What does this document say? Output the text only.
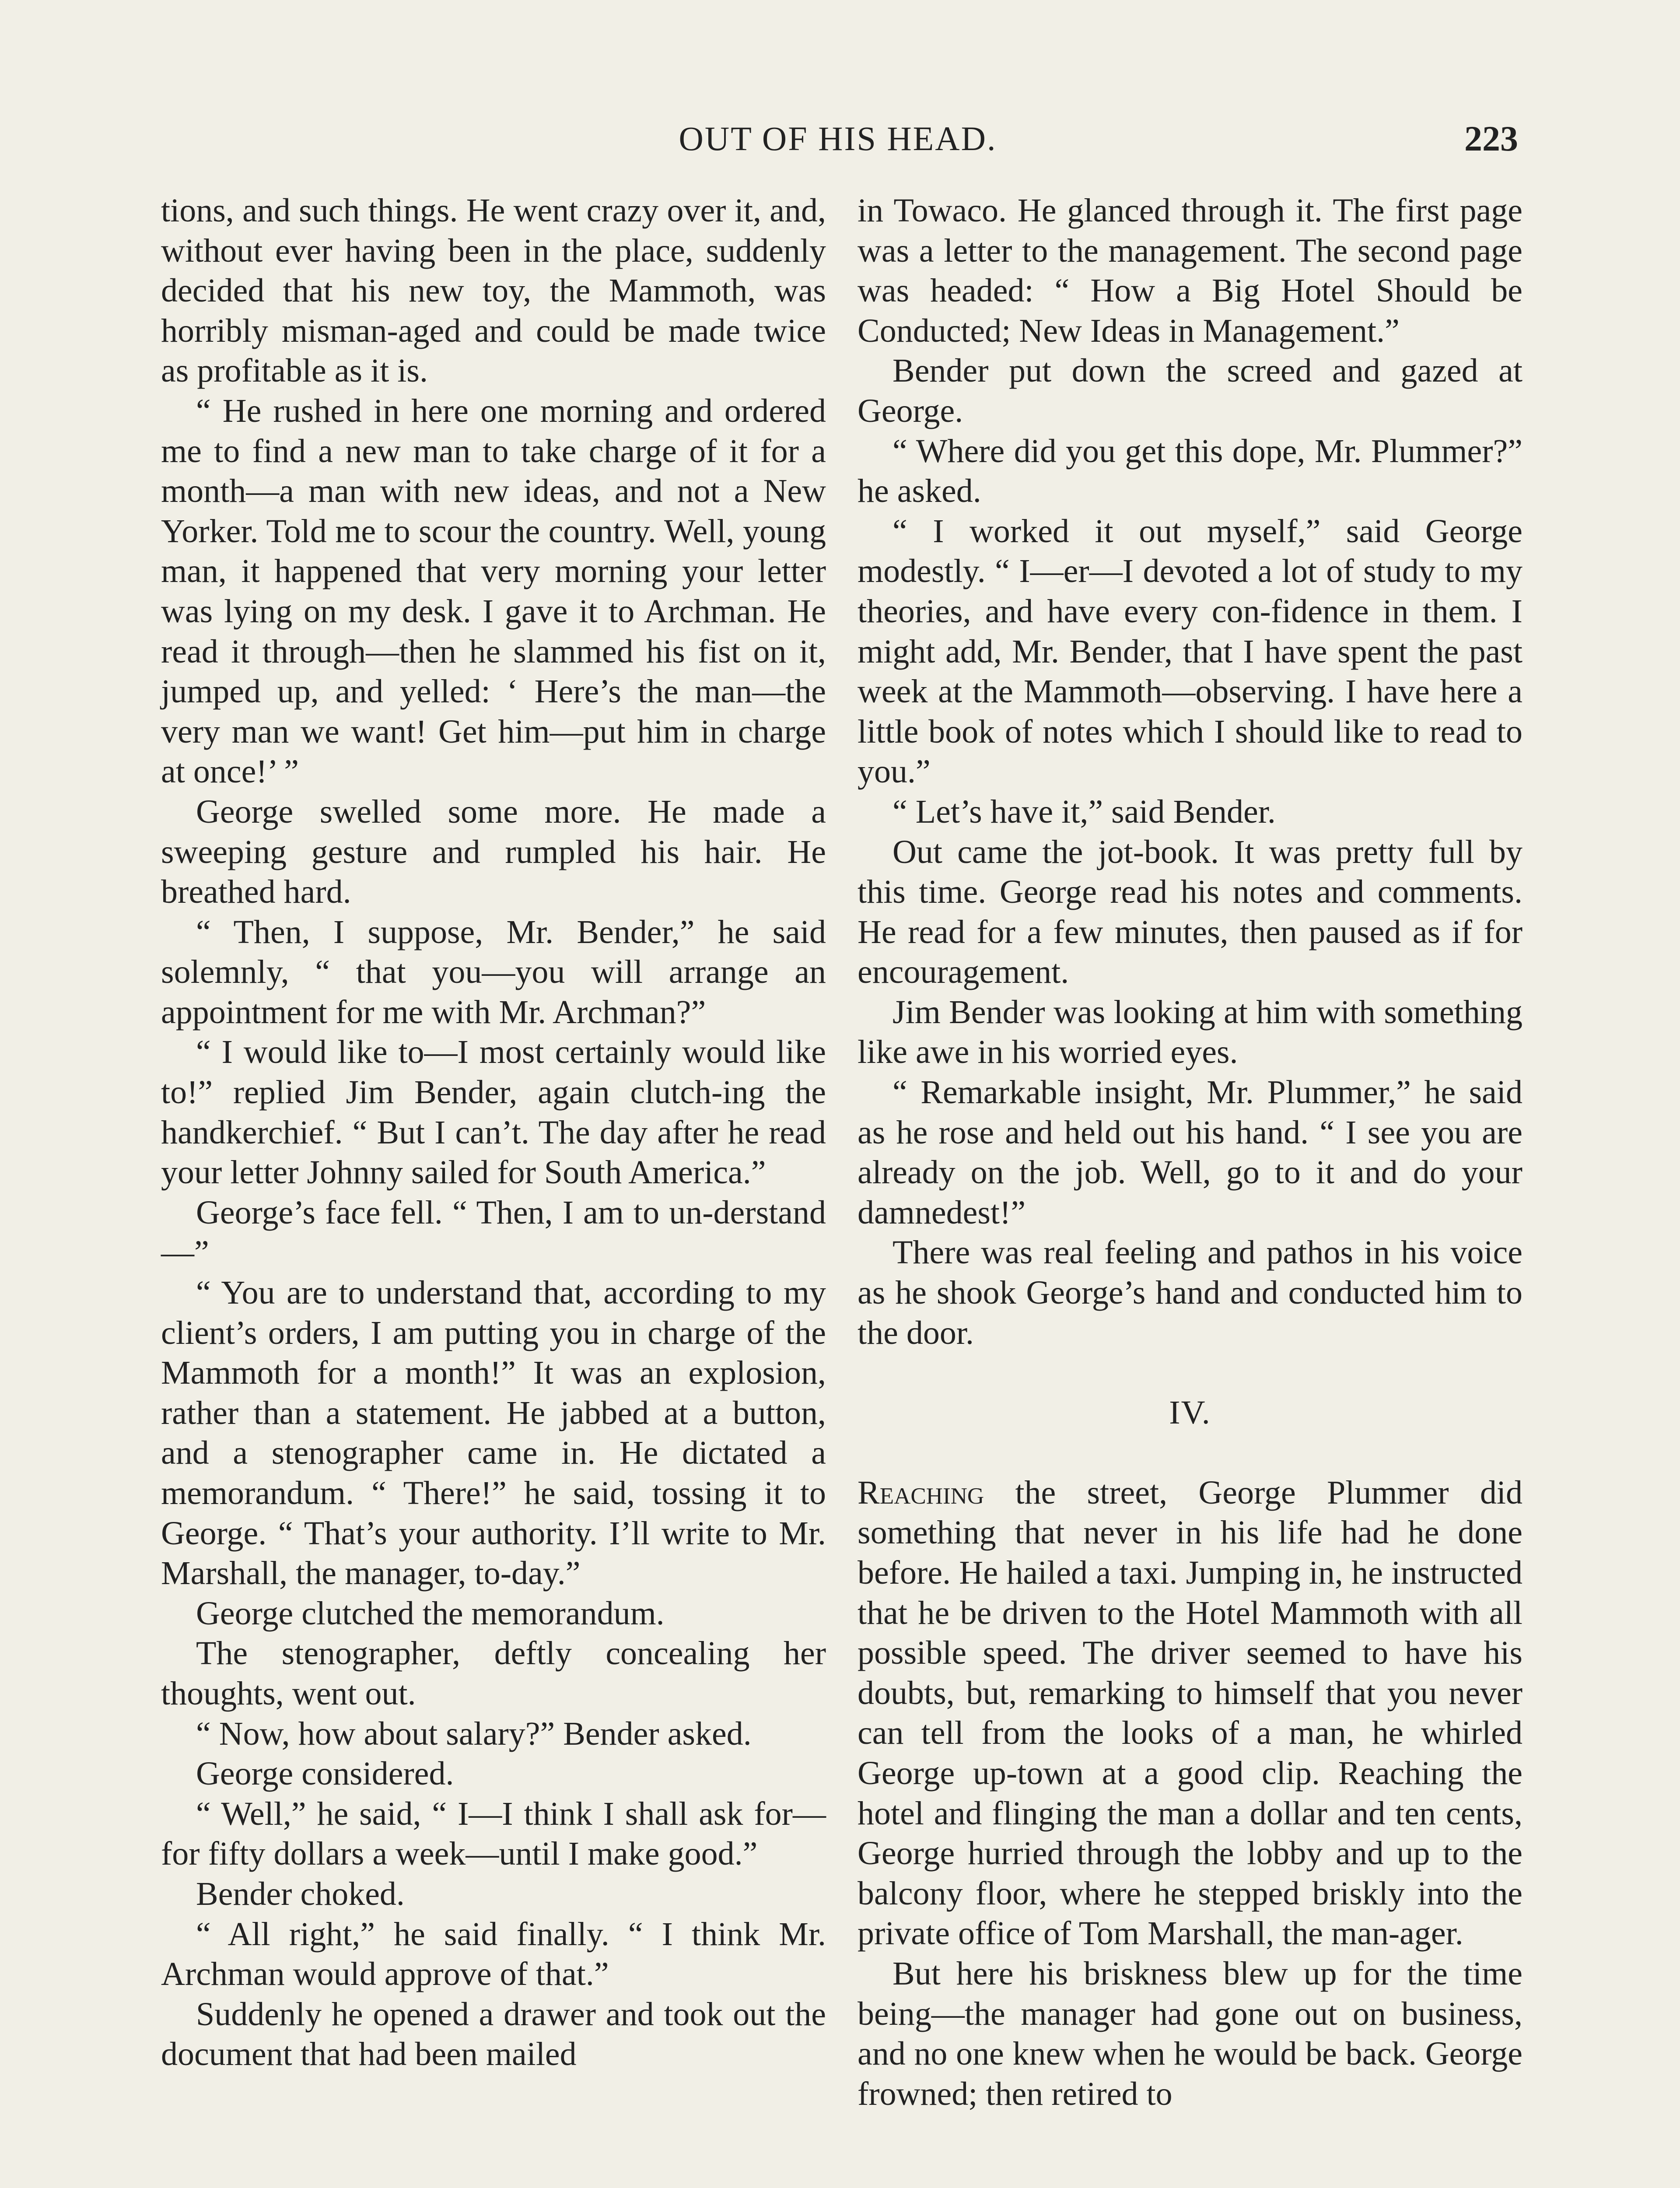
OUT OF HIS HEAD.	223

tions, and such things. He went crazy over it, and, without ever having been in the place, suddenly decided that his new toy, the Mammoth, was horribly misman-aged and could be made twice as profitable as it is.

“ He rushed in here one morning and ordered me to find a new man to take charge of it for a month—a man with new ideas, and not a New Yorker. Told me to scour the country. Well, young man, it happened that very morning your letter was lying on my desk. I gave it to Archman. He read it through—then he slammed his fist on it, jumped up, and yelled: ‘ Here’s the man—the very man we want! Get him—put him in charge at once!’ ”

George swelled some more. He made a sweeping gesture and rumpled his hair. He breathed hard.

“ Then, I suppose, Mr. Bender,” he said solemnly, “ that you—you will arrange an appointment for me with Mr. Archman?”

“ I would like to—I most certainly would like to!” replied Jim Bender, again clutch-ing the handkerchief. “ But I can’t. The day after he read your letter Johnny sailed for South America.”

George’s face fell. “ Then, I am to un-derstand—”

“ You are to understand that, according to my client’s orders, I am putting you in charge of the Mammoth for a month!” It was an explosion, rather than a statement. He jabbed at a button, and a stenographer came in. He dictated a memorandum. “ There!” he said, tossing it to George. “ That’s your authority. I’ll write to Mr. Marshall, the manager, to-day.”

George clutched the memorandum.

The stenographer, deftly concealing her thoughts, went out.

“ Now, how about salary?” Bender asked.

George considered.

“ Well,” he said, “ I—I think I shall ask for—for fifty dollars a week—until I make good.”

Bender choked.

“ All right,” he said finally. “ I think Mr. Archman would approve of that.”

Suddenly he opened a drawer and took out the document that had been mailed

in Towaco. He glanced through it. The first page was a letter to the management. The second page was headed: “ How a Big Hotel Should be Conducted; New Ideas in Management.”

Bender put down the screed and gazed at George.

“ Where did you get this dope, Mr. Plummer?” he asked.

“ I worked it out myself,” said George modestly. “ I—er—I devoted a lot of study to my theories, and have every con-fidence in them. I might add, Mr. Bender, that I have spent the past week at the Mammoth—observing. I have here a little book of notes which I should like to read to you.”

“ Let’s have it,” said Bender.

Out came the jot-book. It was pretty full by this time. George read his notes and comments. He read for a few minutes, then paused as if for encouragement.

Jim Bender was looking at him with something like awe in his worried eyes.

“ Remarkable insight, Mr. Plummer,” he said as he rose and held out his hand. “ I see you are already on the job. Well, go to it and do your damnedest!”

There was real feeling and pathos in his voice as he shook George’s hand and conducted him to the door.

IV.

Reaching the street, George Plummer did something that never in his life had he done before. He hailed a taxi. Jumping in, he instructed that he be driven to the Hotel Mammoth with all possible speed. The driver seemed to have his doubts, but, remarking to himself that you never can tell from the looks of a man, he whirled George up-town at a good clip. Reaching the hotel and flinging the man a dollar and ten cents, George hurried through the lobby and up to the balcony floor, where he stepped briskly into the private office of Tom Marshall, the man-ager.

But here his briskness blew up for the time being—the manager had gone out on business, and no one knew when he would be back. George frowned; then retired to
